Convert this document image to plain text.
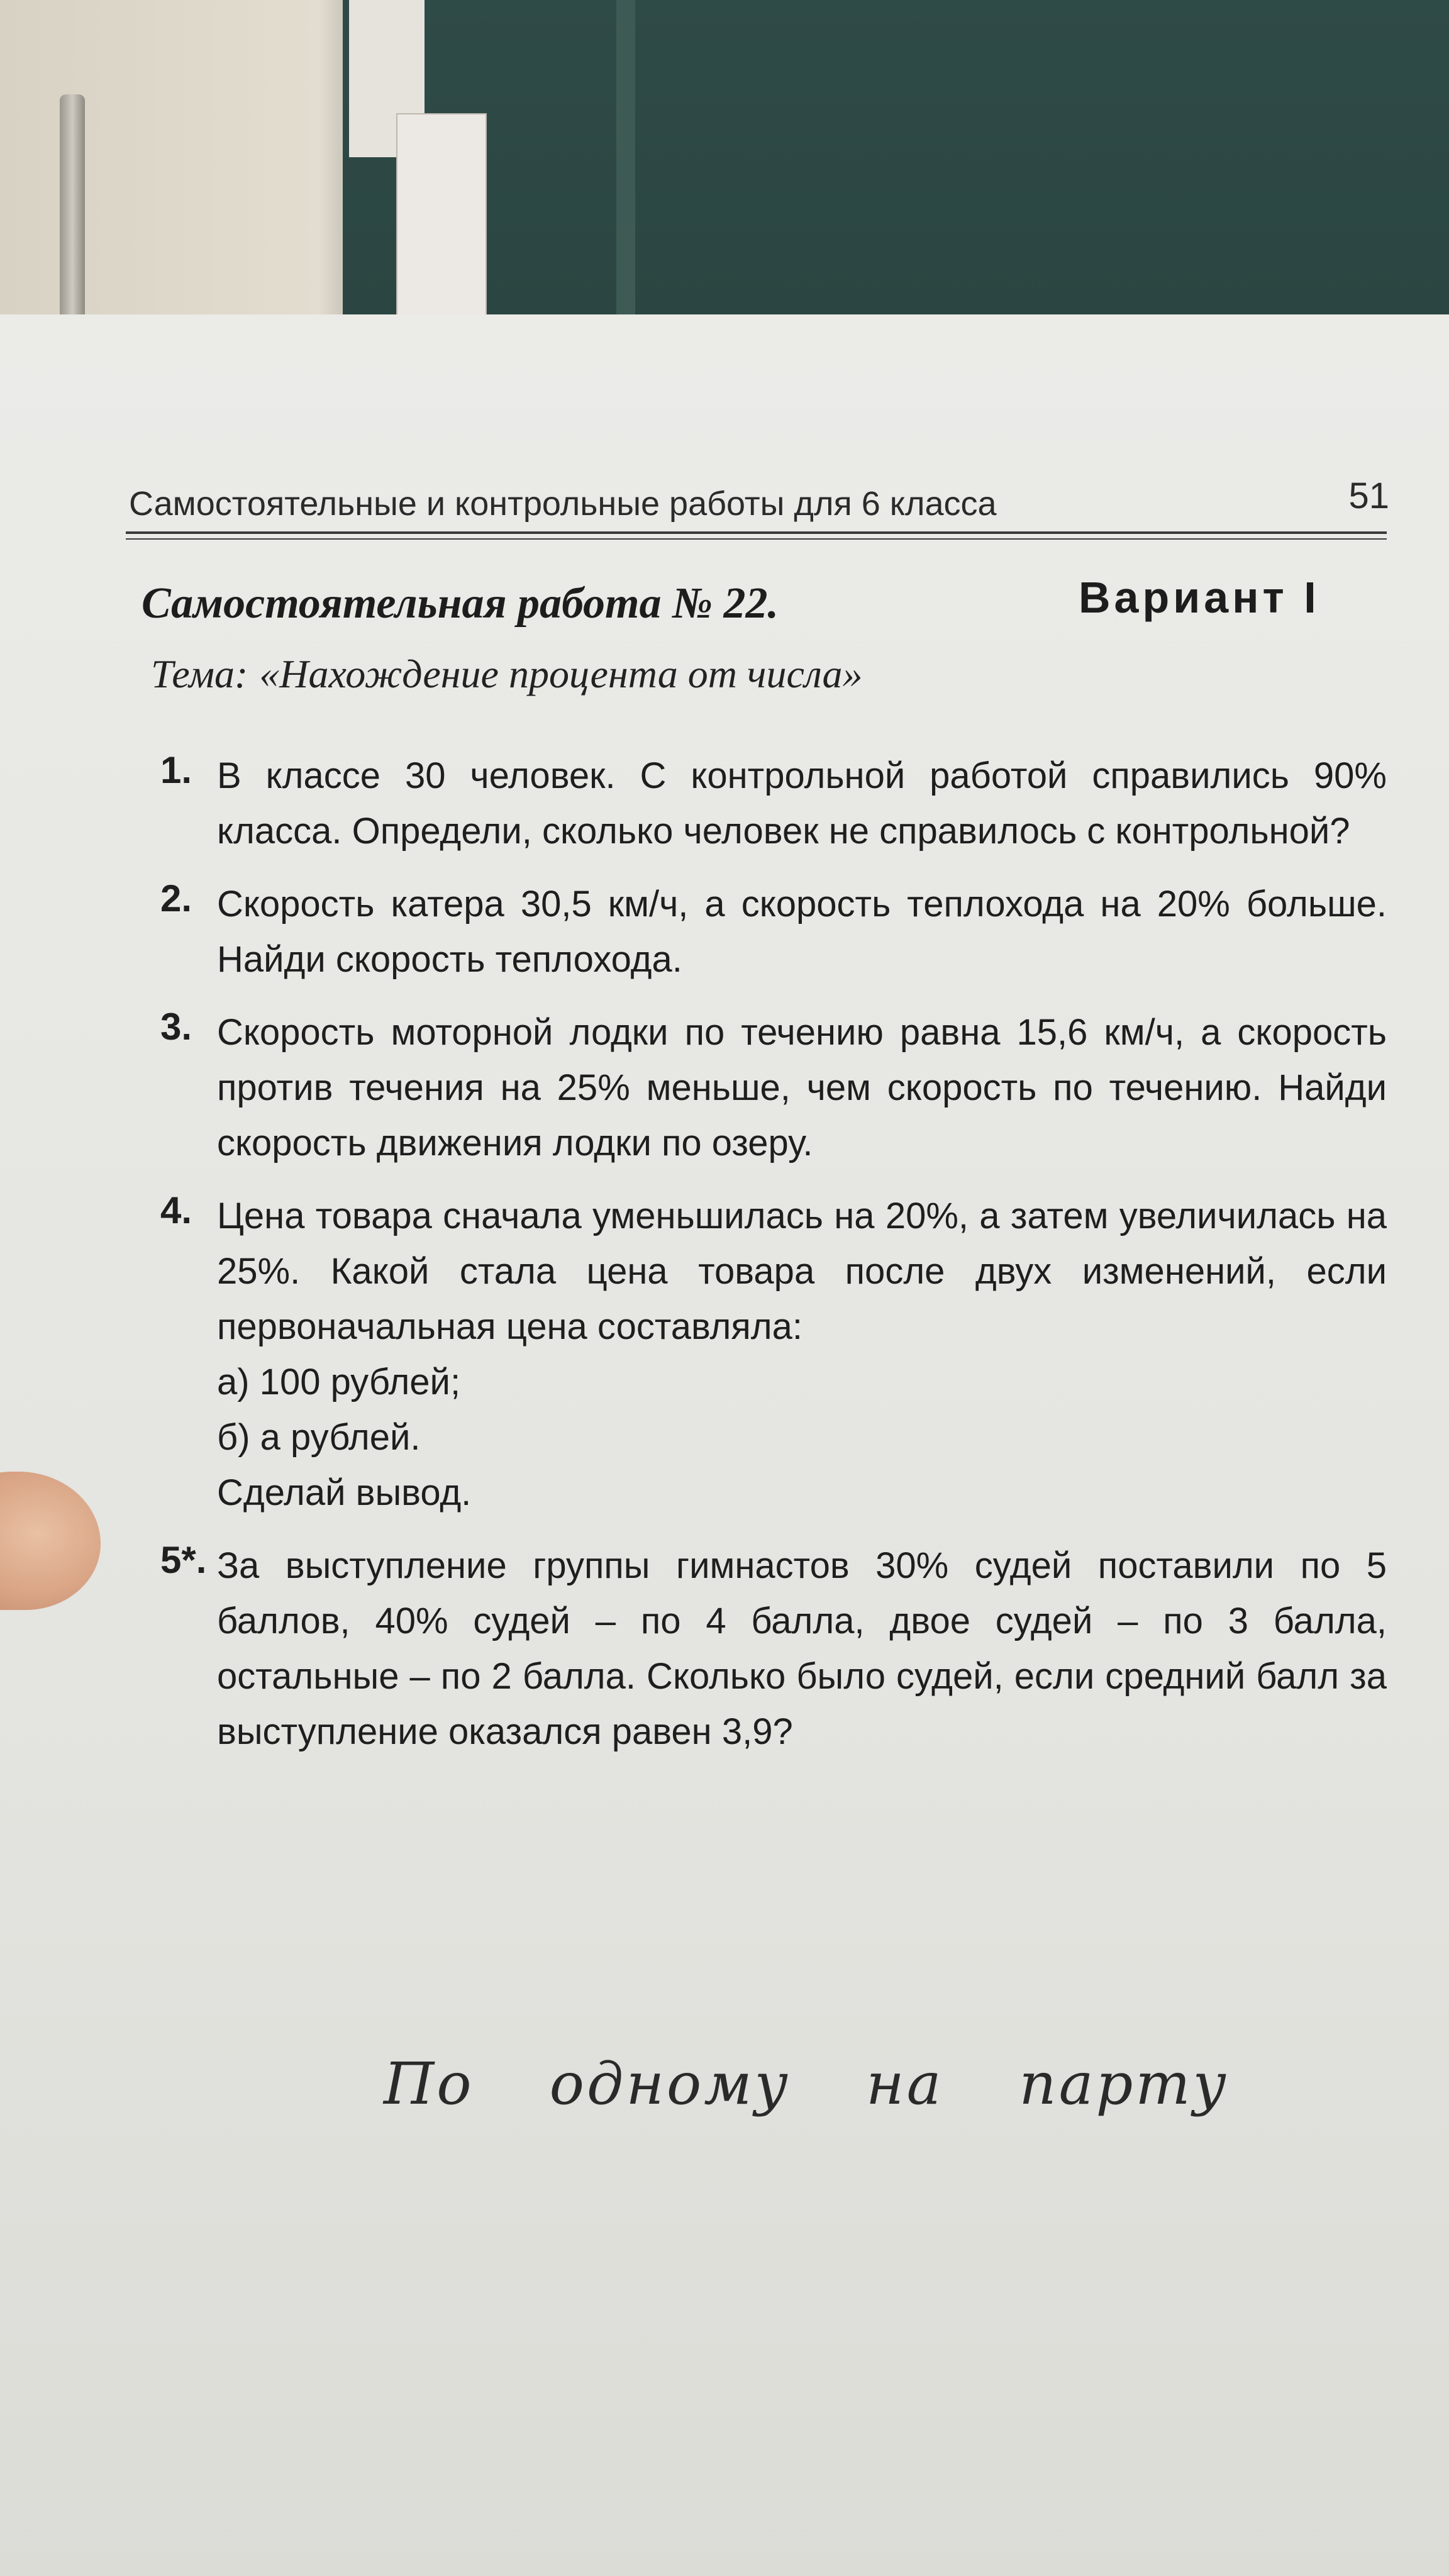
Самостоятельные и контрольные работы для 6 класса	51
Самостоятельная работа № 22.	Вариант I
Тема: «Нахождение процента от числа»
1. В классе 30 человек. С контрольной работой справились 90% класса. Определи, сколько человек не справилось с контрольной?
2. Скорость катера 30,5 км/ч, а скорость теплохода на 20% больше. Найди скорость теплохода.
3. Скорость моторной лодки по течению равна 15,6 км/ч, а скорость против течения на 25% меньше, чем скорость по течению. Найди скорость движения лодки по озеру.
4. Цена товара сначала уменьшилась на 20%, а затем увеличилась на 25%. Какой стала цена товара после двух изменений, если первоначальная цена составляла:
а) 100 рублей;
б) a рублей.
Сделай вывод.
5*. За выступление группы гимнастов 30% судей поставили по 5 баллов, 40% судей – по 4 балла, двое судей – по 3 балла, остальные – по 2 балла. Сколько было судей, если средний балл за выступление оказался равен 3,9?
По одному на парту
